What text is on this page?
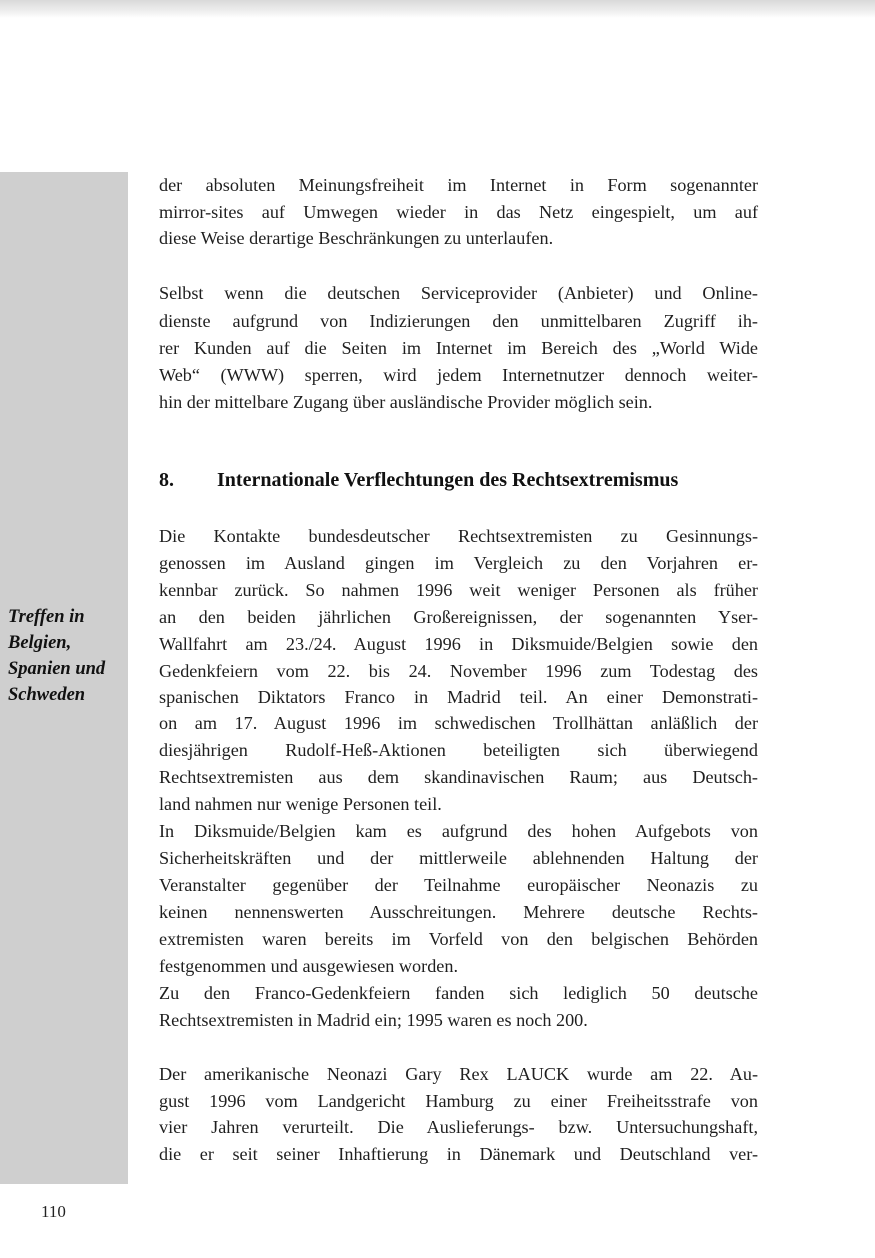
Treffen in
Belgien,
Spanien und
Schweden
der absoluten Meinungsfreiheit im Internet in Form sogenannter
mirror-sites auf Umwegen wieder in das Netz eingespielt, um auf
diese Weise derartige Beschränkungen zu unterlaufen.
Selbst wenn die deutschen Serviceprovider (Anbieter) und Online-
dienste aufgrund von Indizierungen den unmittelbaren Zugriff ih-
rer Kunden auf die Seiten im Internet im Bereich des „World Wide
Web“ (WWW) sperren, wird jedem Internetnutzer dennoch weiter-
hin der mittelbare Zugang über ausländische Provider möglich sein.
8. Internationale Verflechtungen des Rechtsextremismus
Die Kontakte bundesdeutscher Rechtsextremisten zu Gesinnungs-
genossen im Ausland gingen im Vergleich zu den Vorjahren er-
kennbar zurück. So nahmen 1996 weit weniger Personen als früher
an den beiden jährlichen Großereignissen, der sogenannten Yser-
Wallfahrt am 23./24. August 1996 in Diksmuide/Belgien sowie den
Gedenkfeiern vom 22. bis 24. November 1996 zum Todestag des
spanischen Diktators Franco in Madrid teil. An einer Demonstrati-
on am 17. August 1996 im schwedischen Trollhättan anläßlich der
diesjährigen Rudolf-Heß-Aktionen beteiligten sich überwiegend
Rechtsextremisten aus dem skandinavischen Raum; aus Deutsch-
land nahmen nur wenige Personen teil.
In Diksmuide/Belgien kam es aufgrund des hohen Aufgebots von
Sicherheitskräften und der mittlerweile ablehnenden Haltung der
Veranstalter gegenüber der Teilnahme europäischer Neonazis zu
keinen nennenswerten Ausschreitungen. Mehrere deutsche Rechts-
extremisten waren bereits im Vorfeld von den belgischen Behörden
festgenommen und ausgewiesen worden.
Zu den Franco-Gedenkfeiern fanden sich lediglich 50 deutsche
Rechtsextremisten in Madrid ein; 1995 waren es noch 200.
Der amerikanische Neonazi Gary Rex LAUCK wurde am 22. Au-
gust 1996 vom Landgericht Hamburg zu einer Freiheitsstrafe von
vier Jahren verurteilt. Die Auslieferungs- bzw. Untersuchungshaft,
die er seit seiner Inhaftierung in Dänemark und Deutschland ver-
110
